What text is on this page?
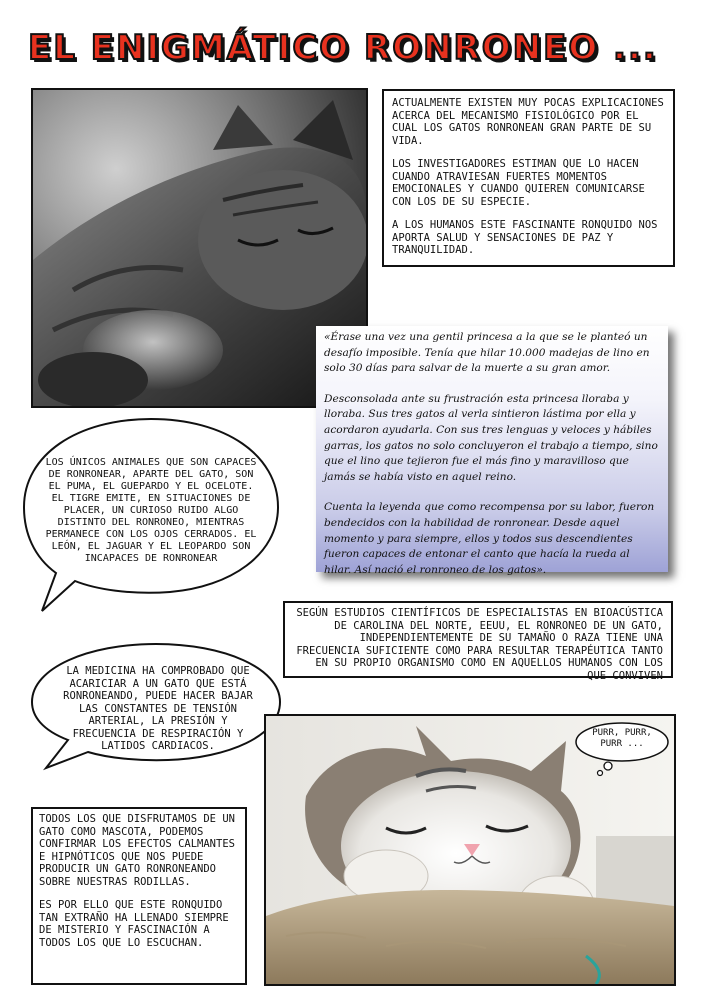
EL ENIGMÁTICO RONRONEO ...

ACTUALMENTE EXISTEN MUY POCAS EXPLICACIONES ACERCA DEL MECANISMO FISIOLÓGICO POR EL CUAL LOS GATOS RONRONEAN GRAN PARTE DE SU VIDA.

LOS INVESTIGADORES ESTIMAN QUE LO HACEN CUANDO ATRAVIESAN FUERTES MOMENTOS EMOCIONALES Y CUANDO QUIEREN COMUNICARSE CON LOS DE SU ESPECIE.

A LOS HUMANOS ESTE FASCINANTE RONQUIDO NOS APORTA SALUD Y SENSACIONES DE PAZ Y TRANQUILIDAD.

«Érase una vez una gentil princesa a la que se le planteó un desafío imposible. Tenía que hilar 10.000 madejas de lino en solo 30 días para salvar de la muerte a su gran amor.

Desconsolada ante su frustración esta princesa lloraba y lloraba. Sus tres gatos al verla sintieron lástima por ella y acordaron ayudarla. Con sus tres lenguas y veloces y hábiles garras, los gatos no solo concluyeron el trabajo a tiempo, sino que el lino que tejieron fue el más fino y maravilloso que jamás se había visto en aquel reino.

Cuenta la leyenda que como recompensa por su labor, fueron bendecidos con la habilidad de ronronear. Desde aquel momento y para siempre, ellos y todos sus descendientes fueron capaces de entonar el canto que hacía la rueda al hilar. Así nació el ronroneo de los gatos».

LOS ÚNICOS ANIMALES QUE SON CAPACES DE RONRONEAR, APARTE DEL GATO, SON EL PUMA, EL GUEPARDO Y EL OCELOTE. EL TIGRE EMITE, EN SITUACIONES DE PLACER, UN CURIOSO RUIDO ALGO DISTINTO DEL RONRONEO, MIENTRAS PERMANECE CON LOS OJOS CERRADOS. EL LEÓN, EL JAGUAR Y EL LEOPARDO SON INCAPACES DE RONRONEAR
SEGÚN ESTUDIOS CIENTÍFICOS DE ESPECIALISTAS EN BIOACÚSTICA DE CAROLINA DEL NORTE, EEUU, EL RONRONEO DE UN GATO, INDEPENDIENTEMENTE DE SU TAMAÑO O RAZA TIENE UNA FRECUENCIA SUFICIENTE COMO PARA RESULTAR TERAPÉUTICA TANTO EN SU PROPIO ORGANISMO COMO EN AQUELLOS HUMANOS CON LOS QUE CONVIVEN
LA MEDICINA HA COMPROBADO QUE ACARICIAR A UN GATO QUE ESTÁ RONRONEANDO, PUEDE HACER BAJAR LAS CONSTANTES DE TENSIÓN ARTERIAL, LA PRESIÓN Y FRECUENCIA DE RESPIRACIÓN Y LATIDOS CARDIACOS.
PURR, PURR, PURR ...

TODOS LOS QUE DISFRUTAMOS DE UN GATO COMO MASCOTA, PODEMOS CONFIRMAR LOS EFECTOS CALMANTES E HIPNÓTICOS QUE NOS PUEDE PRODUCIR UN GATO RONRONEANDO SOBRE NUESTRAS RODILLAS.

ES POR ELLO QUE ESTE RONQUIDO TAN EXTRAÑO HA LLENADO SIEMPRE DE MISTERIO Y FASCINACIÓN A TODOS LOS QUE LO ESCUCHAN.
